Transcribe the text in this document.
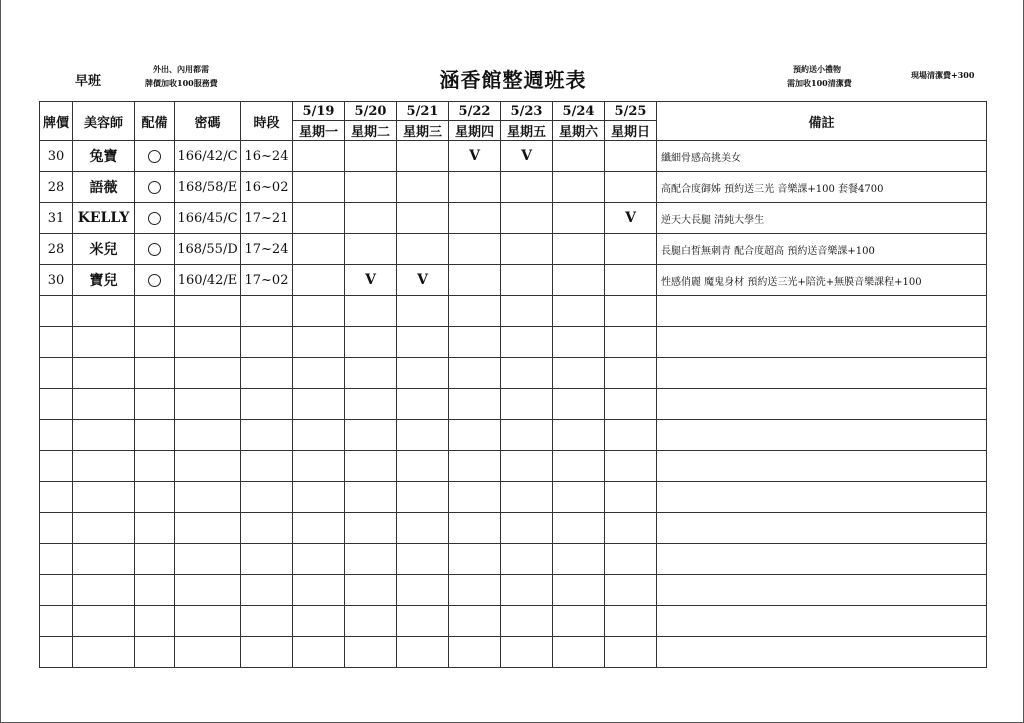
早班
外出、內用都需
牌價加收100服務費	涵香館整週班表	預約送小禮物
需加收100清潔費
現場清潔費+300
牌價	美容師	配備	密碼	時段	5/19	5/20	5/21	5/22	5/23	5/24	5/25	備註
					星期一	星期二	星期三	星期四	星期五	星期六	星期日	
30	兔寶		166/42/C	16~24				V	V			纖細骨感高挑美女
28	語薇		168/58/E	16~02								高配合度御姊 預約送三光 音樂課+100 套餐4700
31	KELLY		166/45/C	17~21							V	逆天大長腿 清純大學生
28	米兒		168/55/D	17~24								長腿白皙無刺青 配合度超高 預約送音樂課+100
30	寶兒		160/42/E	17~02		V	V					性感俏麗 魔鬼身材 預約送三光+陪洗+無膜音樂課程+100
